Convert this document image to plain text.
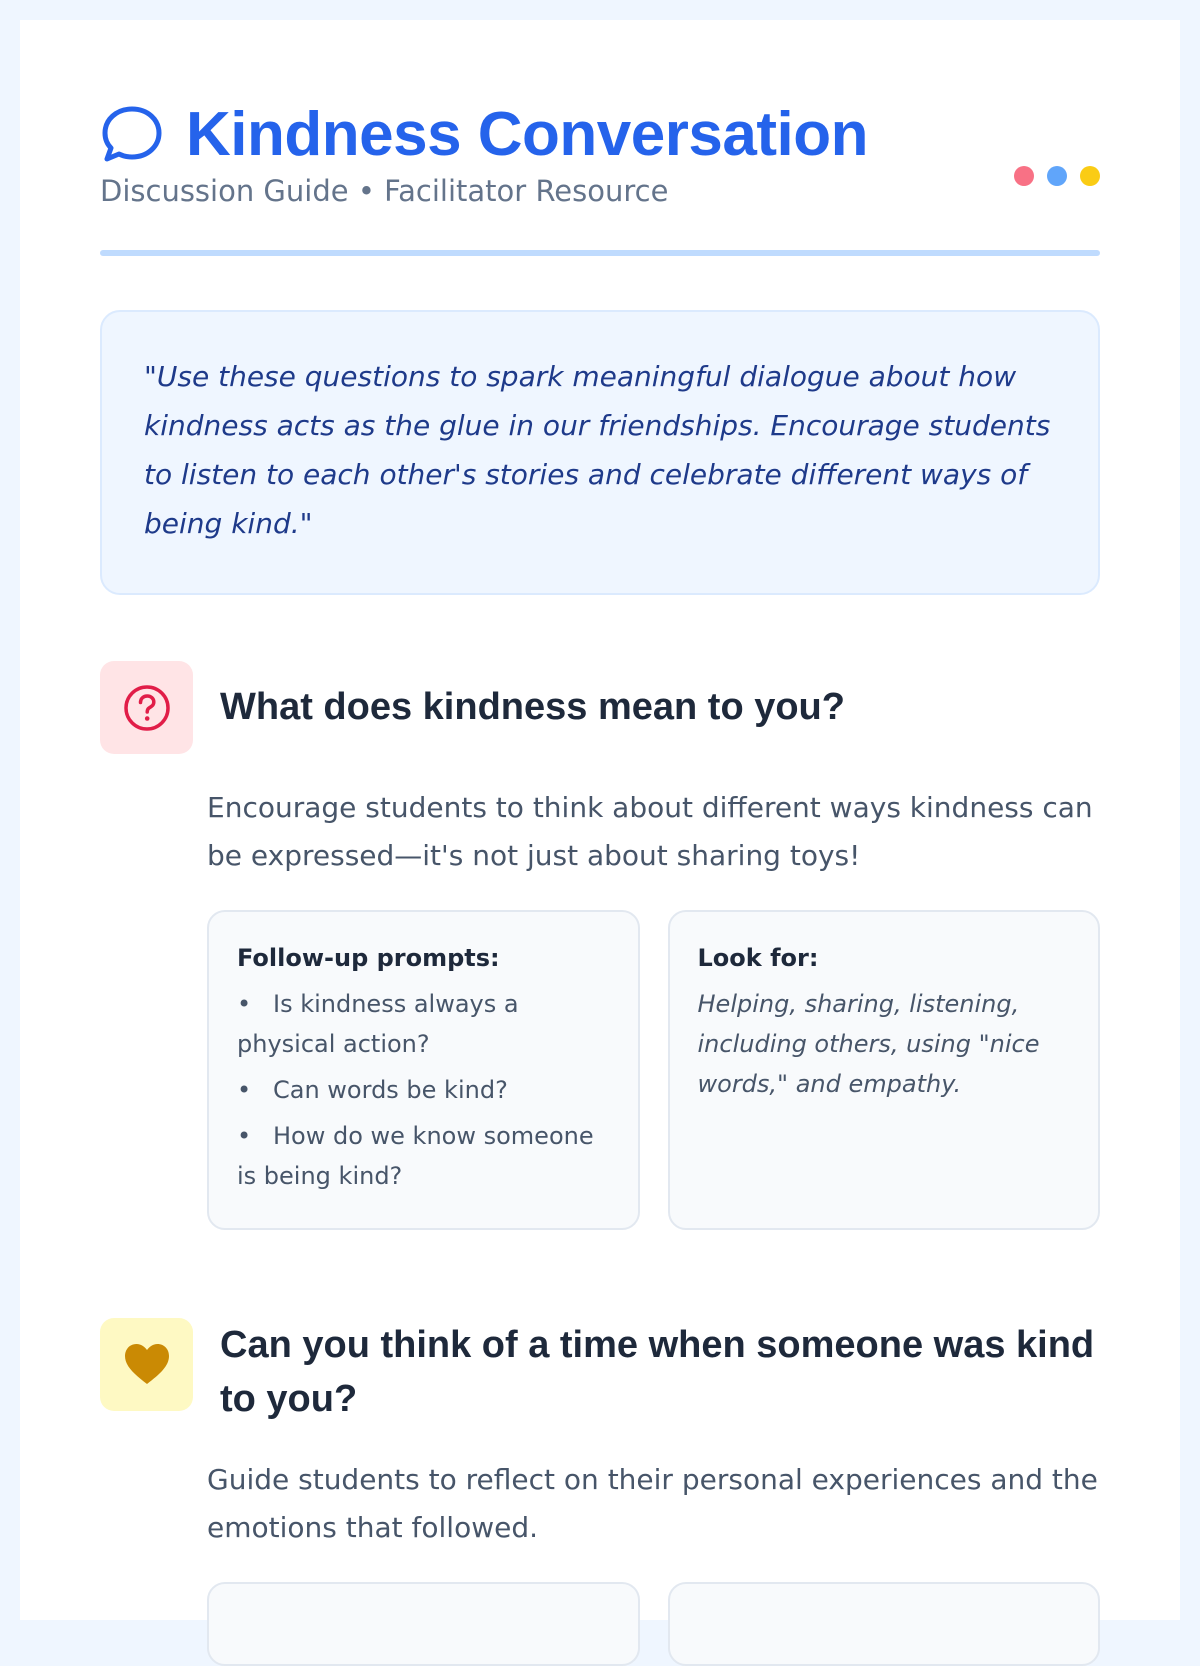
Kindness Conversation
Discussion Guide • Facilitator Resource

"Use these questions to spark meaningful dialogue about how kindness acts as the glue in our friendships. Encourage students to listen to each other's stories and celebrate different ways of being kind."

What does kindness mean to you?
Encourage students to think about different ways kindness can be expressed—it's not just about sharing toys!
Follow-up prompts:
• Is kindness always a physical action?
• Can words be kind?
• How do we know someone is being kind?
Look for:

Helping, sharing, listening, including others, using "nice words," and empathy.

Can you think of a time when someone was kind to you?
Guide students to reflect on their personal experiences and the emotions that followed.
